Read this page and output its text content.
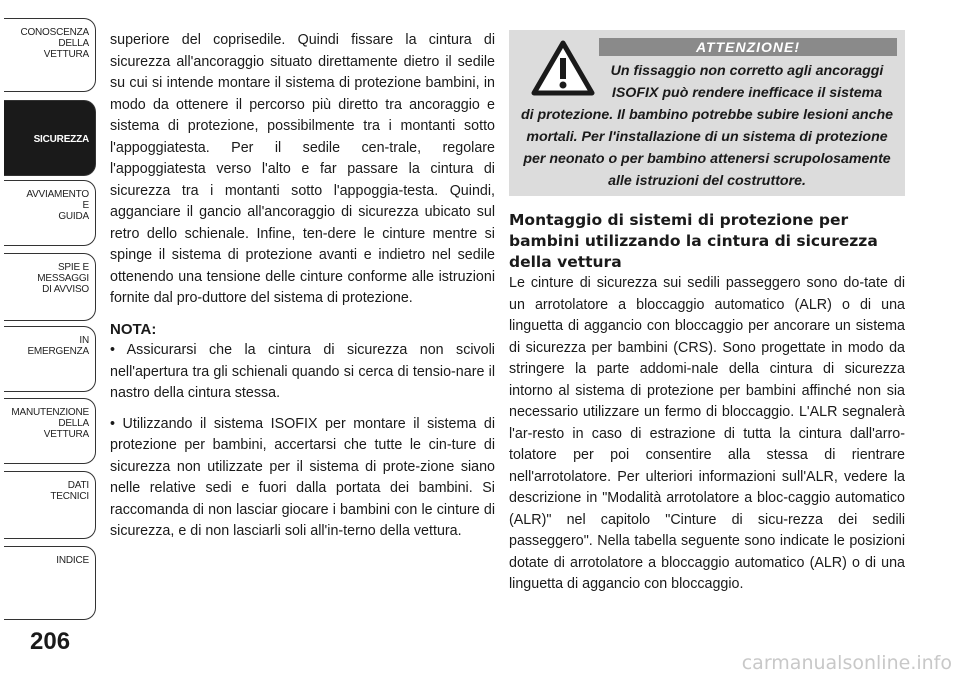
CONOSCENZA
DELLA
VETTURA
SICUREZZA
AVVIAMENTO
E
GUIDA
SPIE E
MESSAGGI
DI AVVISO
IN
EMERGENZA
MANUTENZIONE
DELLA
VETTURA
DATI
TECNICI
INDICE
206

superiore del coprisedile. Quindi fissare la cintura di sicurezza all'ancoraggio situato direttamente dietro il sedile su cui si intende montare il sistema di protezione bambini, in modo da ottenere il percorso più diretto tra ancoraggio e sistema di protezione, possibilmente tra i montanti sotto l'appoggiatesta. Per il sedile cen-trale, regolare l'appoggiatesta verso l'alto e far passare la cintura di sicurezza tra i montanti sotto l'appoggia-testa. Quindi, agganciare il gancio all'ancoraggio di sicurezza ubicato sul retro dello schienale. Infine, ten-dere le cinture mentre si spinge il sistema di protezione avanti e indietro nel sedile ottenendo una tensione delle cinture conforme alle istruzioni fornite dal pro-duttore del sistema di protezione.

NOTA:

• Assicurarsi che la cintura di sicurezza non scivoli nell'apertura tra gli schienali quando si cerca di tensio-nare il nastro della cintura stessa.

• Utilizzando il sistema ISOFIX per montare il sistema di protezione per bambini, accertarsi che tutte le cin-ture di sicurezza non utilizzate per il sistema di prote-zione siano nelle relative sedi e fuori dalla portata dei bambini. Si raccomanda di non lasciar giocare i bambini con le cinture di sicurezza, e di non lasciarli soli all'in-terno della vettura.

ATTENZIONE!
Un fissaggio non corretto agli ancoraggi ISOFIX può rendere inefficace il sistema
di protezione. Il bambino potrebbe subire lesioni anche mortali. Per l'installazione di un sistema di protezione per neonato o per bambino attenersi scrupolosamente alle istruzioni del costruttore.
Montaggio di sistemi di protezione per bambini utilizzando la cintura di sicurezza della vettura

Le cinture di sicurezza sui sedili passeggero sono do-tate di un arrotolatore a bloccaggio automatico (ALR) o di una linguetta di aggancio con bloccaggio per ancorare un sistema di sicurezza per bambini (CRS). Sono progettate in modo da stringere la parte addomi-nale della cintura di sicurezza intorno al sistema di protezione per bambini affinché non sia necessario utilizzare un fermo di bloccaggio. L'ALR segnalerà l'ar-resto in caso di estrazione di tutta la cintura dall'arro-tolatore per poi consentire alla stessa di rientrare nell'arrotolatore. Per ulteriori informazioni sull'ALR, vedere la descrizione in "Modalità arrotolatore a bloc-caggio automatico (ALR)" nel capitolo "Cinture di sicu-rezza dei sedili passeggero". Nella tabella seguente sono indicate le posizioni dotate di arrotolatore a bloccaggio automatico (ALR) o di una linguetta di aggancio con bloccaggio.

carmanualsonline.info
